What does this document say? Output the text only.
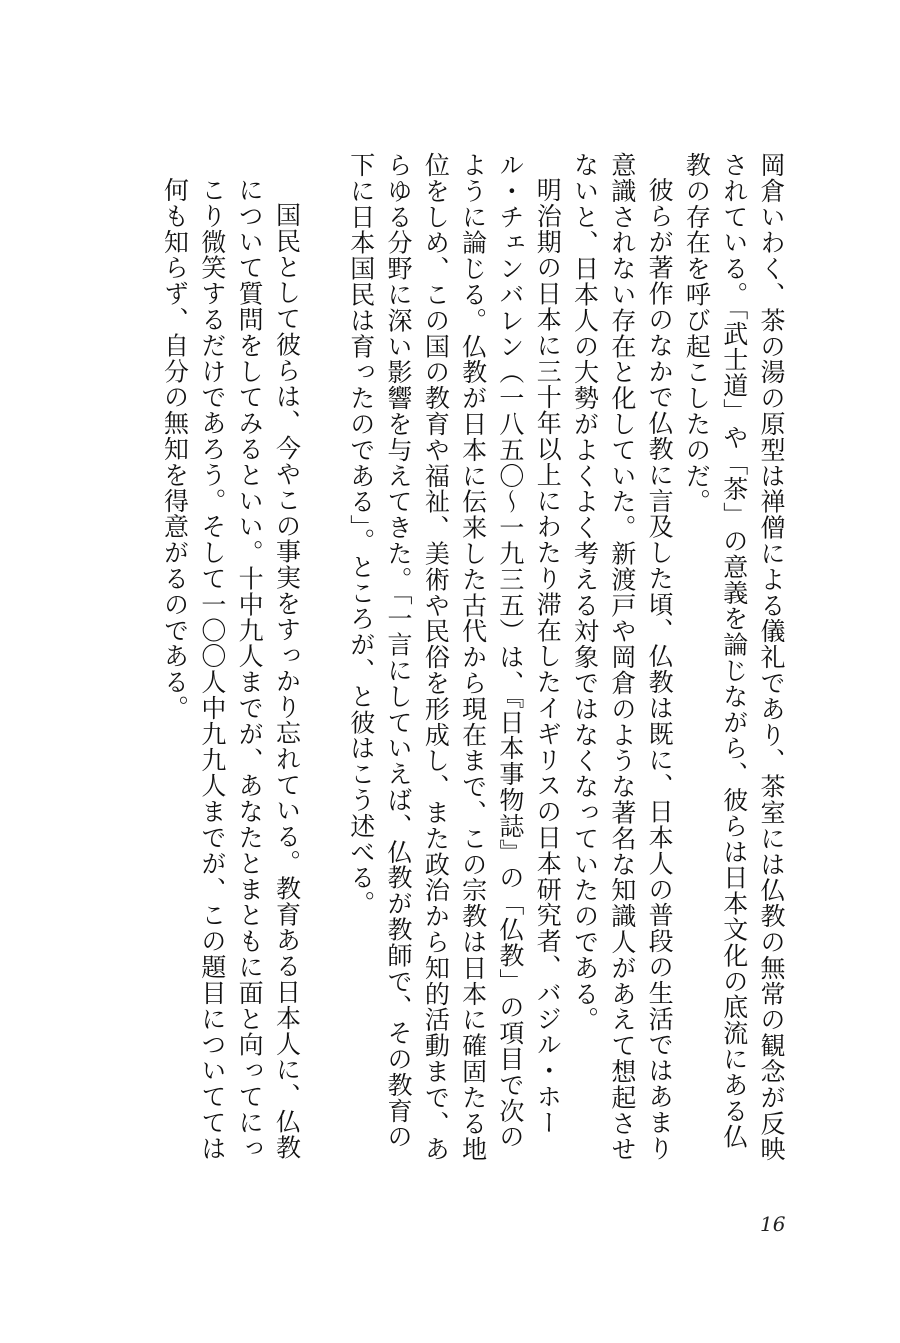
岡倉いわく、茶の湯の原型は禅僧による儀礼であり、茶室には仏教の無常の観念が反映されている。「武士道」や「茶」の意義を論じながら、彼らは日本文化の底流にある仏教の存在を呼び起こしたのだ。

彼らが著作のなかで仏教に言及した頃、仏教は既に、日本人の普段の生活ではあまり意識されない存在と化していた。新渡戸や岡倉のような著名な知識人があえて想起させないと、日本人の大勢がよくよく考える対象ではなくなっていたのである。

明治期の日本に三十年以上にわたり滞在したイギリスの日本研究者、バジル・ホール・チェンバレン（一八五〇〜一九三五）は、『日本事物誌』の「仏教」の項目で次のように論じる。仏教が日本に伝来した古代から現在まで、この宗教は日本に確固たる地位をしめ、この国の教育や福祉、美術や民俗を形成し、また政治から知的活動まで、あらゆる分野に深い影響を与えてきた。「一言にしていえば、仏教が教師で、その教育の下に日本国民は育ったのである」。ところが、と彼はこう述べる。

国民として彼らは、今やこの事実をすっかり忘れている。教育ある日本人に、仏教について質問をしてみるといい。十中九人までが、あなたとまともに面と向ってにっこり微笑するだけであろう。そして一〇〇人中九九人までが、この題目についてては何も知らず、自分の無知を得意がるのである。

16
